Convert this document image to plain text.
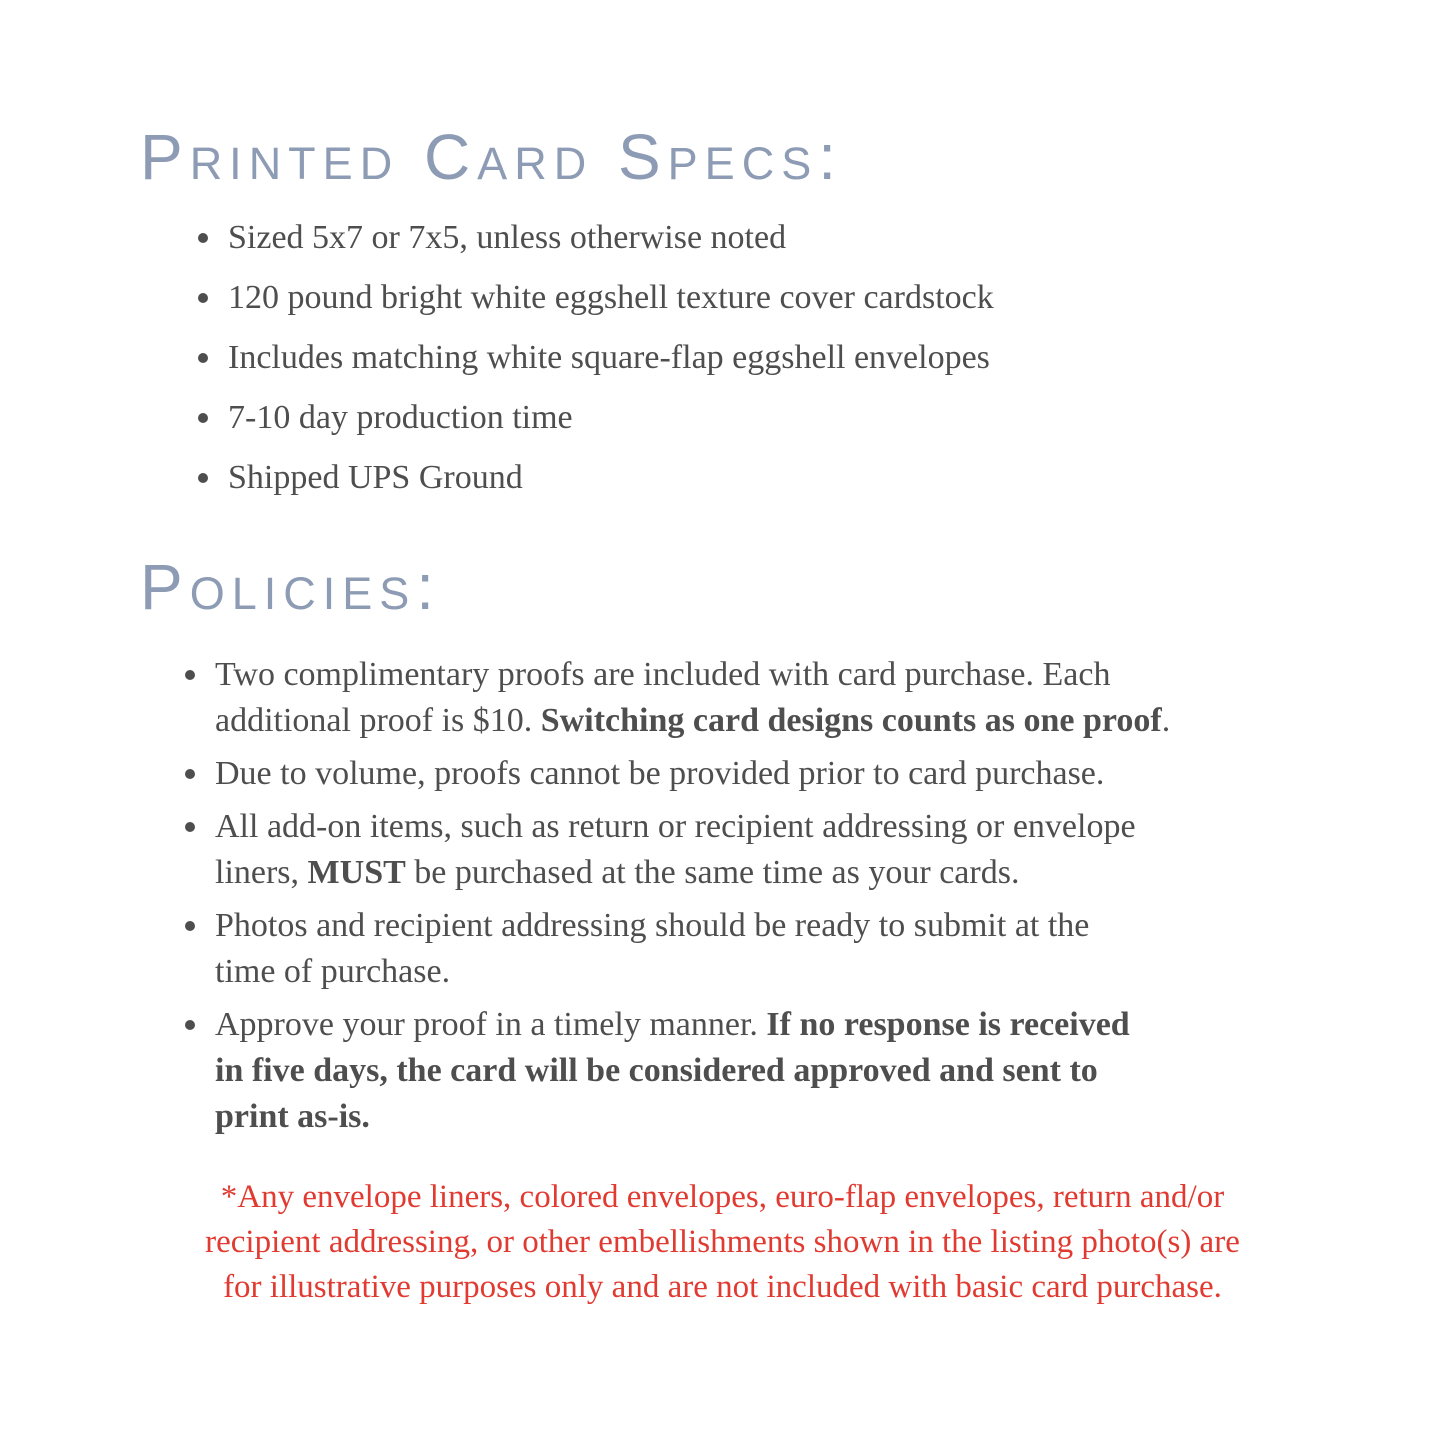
Printed Card Specs:
Sized 5x7 or 7x5, unless otherwise noted
120 pound bright white eggshell texture cover cardstock
Includes matching white square-flap eggshell envelopes
7-10 day production time
Shipped UPS Ground
Policies:
Two complimentary proofs are included with card purchase. Each
additional proof is $10. Switching card designs counts as one proof.
Due to volume, proofs cannot be provided prior to card purchase.
All add-on items, such as return or recipient addressing or envelope
liners, MUST be purchased at the same time as your cards.
Photos and recipient addressing should be ready to submit at the
time of purchase.
Approve your proof in a timely manner. If no response is received
in five days, the card will be considered approved and sent to
print as-is.

*Any envelope liners, colored envelopes, euro-flap envelopes, return and/or
recipient addressing, or other embellishments shown in the listing photo(s) are
for illustrative purposes only and are not included with basic card purchase.
